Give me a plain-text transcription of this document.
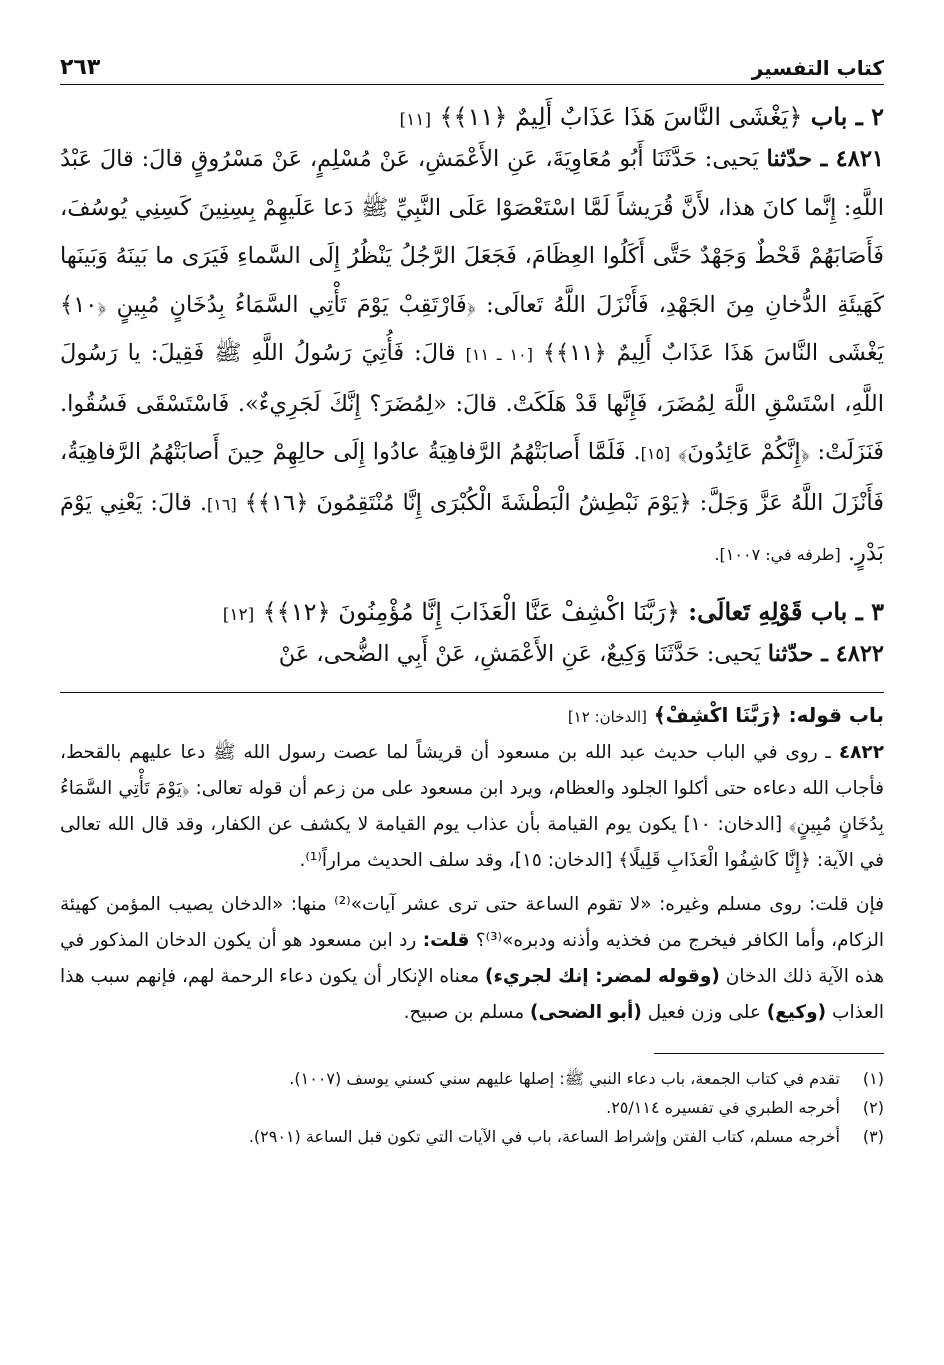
كتاب التفسير
٢٦٣
٢ ـ باب ﴿يَغْشَى النَّاسَ هَذَا عَذَابٌ أَلِيمٌ ﴿١١﴾﴾ [١١]

٤٨٢١ ـ حدّثنا يَحيى: حَدَّثَنَا أَبُو مُعَاوِيَةَ، عَنِ الأَعْمَشِ، عَنْ مُسْلِمٍ، عَنْ مَسْرُوقٍ قالَ: قالَ عَبْدُ اللَّهِ: إِنَّما كانَ هذا، لأَنَّ قُرَيشاً لَمَّا اسْتَعْصَوْا عَلَى النَّبِيِّ ﷺ دَعا عَلَيهِمْ بِسِنِينَ كَسِنِي يُوسُفَ، فَأَصَابَهُمْ قَحْطٌ وَجَهْدٌ حَتَّى أَكَلُوا العِظَامَ، فَجَعَلَ الرَّجُلُ يَنْظُرُ إِلَى السَّماءِ فَيَرَى ما بَينَهُ وَبَينَها كَهَيئَةِ الدُّخانِ مِنَ الجَهْدِ، فَأَنْزَلَ اللَّهُ تَعالَى: ﴿فَارْتَقِبْ يَوْمَ تَأْتِي السَّمَاءُ بِدُخَانٍ مُبِينٍ ﴿١٠﴾ يَغْشَى النَّاسَ هَذَا عَذَابٌ أَلِيمٌ ﴿١١﴾﴾ [١٠ ـ ١١] قالَ: فَأُتِيَ رَسُولُ اللَّهِ ﷺ فَقِيلَ: يا رَسُولَ اللَّهِ، اسْتَسْقِ اللَّهَ لِمُضَرَ، فَإِنَّها قَدْ هَلَكَتْ. قالَ: «لِمُضَرَ؟ إِنَّكَ لَجَرِيءٌ». فَاسْتَسْقَى فَسُقُوا. فَنَزَلَتْ: ﴿إِنَّكُمْ عَائِدُونَ﴾ [١٥]. فَلَمَّا أَصابَتْهُمُ الرَّفاهِيَةُ عادُوا إِلَى حالِهِمْ حِينَ أَصابَتْهُمُ الرَّفاهِيَةُ، فَأَنْزَلَ اللَّهُ عَزَّ وَجَلَّ: ﴿يَوْمَ نَبْطِشُ الْبَطْشَةَ الْكُبْرَى إِنَّا مُنْتَقِمُونَ ﴿١٦﴾﴾ [١٦]. قالَ: يَعْنِي يَوْمَ بَدْرٍ. [طرفه في: ١٠٠٧].

٣ ـ باب قَوْلِهِ تَعالَى: ﴿رَبَّنَا اكْشِفْ عَنَّا الْعَذَابَ إِنَّا مُؤْمِنُونَ ﴿١٢﴾﴾ [١٢]

٤٨٢٢ ـ حدّثنا يَحيى: حَدَّثَنَا وَكِيعٌ، عَنِ الأَعْمَشِ، عَنْ أَبِي الضُّحى، عَنْ

باب قوله: ﴿رَبَّنَا اكْشِفْ﴾ [الدخان: ١٢]

٤٨٢٢ ـ روى في الباب حديث عبد الله بن مسعود أن قريشاً لما عصت رسول الله ﷺ دعا عليهم بالقحط، فأجاب الله دعاءه حتى أكلوا الجلود والعظام، ويرد ابن مسعود على من زعم أن قوله تعالى: ﴿يَوْمَ تَأْتِي السَّمَاءُ بِدُخَانٍ مُبِينٍ﴾ [الدخان: ١٠] يكون يوم القيامة بأن عذاب يوم القيامة لا يكشف عن الكفار، وقد قال الله تعالى في الآية: ﴿إِنَّا كَاشِفُوا الْعَذَابِ قَلِيلًا﴾ [الدخان: ١٥]، وقد سلف الحديث مراراً⁽¹⁾.

فإن قلت: روى مسلم وغيره: «لا تقوم الساعة حتى ترى عشر آيات»⁽²⁾ منها: «الدخان يصيب المؤمن كهيئة الزكام، وأما الكافر فيخرج من فخذيه وأذنه ودبره»⁽³⁾؟ قلت: رد ابن مسعود هو أن يكون الدخان المذكور في هذه الآية ذلك الدخان (وقوله لمضر: إنك لجريء) معناه الإنكار أن يكون دعاء الرحمة لهم، فإنهم سبب هذا العذاب (وكيع) على وزن فعيل (أبو الضحى) مسلم بن صبيح.

(١)
تقدم في كتاب الجمعة، باب دعاء النبي ﷺ: إصلها عليهم سني كسني يوسف (١٠٠٧).
(٢)
أخرجه الطبري في تفسيره ٢٥/١١٤.
(٣)
أخرجه مسلم، كتاب الفتن وإشراط الساعة، باب في الآيات التي تكون قبل الساعة (٢٩٠١).
